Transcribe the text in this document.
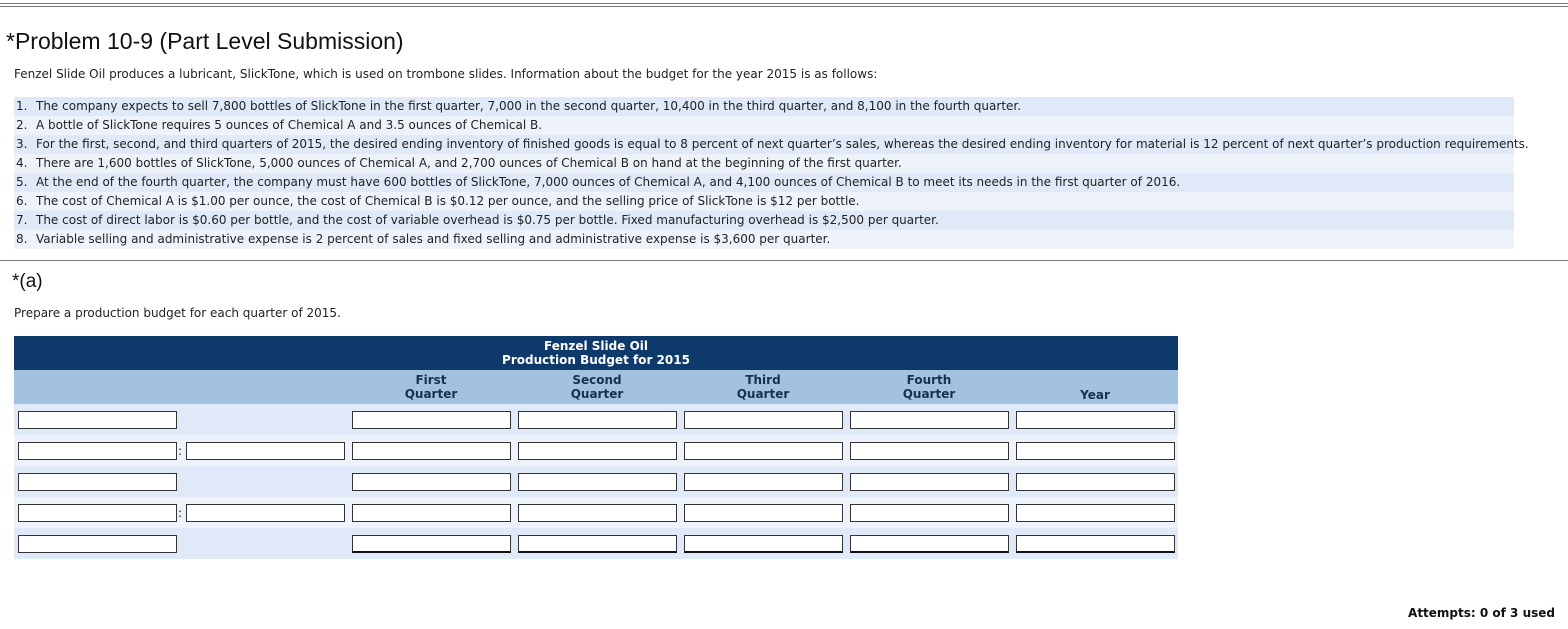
*Problem 10-9 (Part Level Submission)
Fenzel Slide Oil produces a lubricant, SlickTone, which is used on trombone slides. Information about the budget for the year 2015 is as follows:
1. The company expects to sell 7,800 bottles of SlickTone in the first quarter, 7,000 in the second quarter, 10,400 in the third quarter, and 8,100 in the fourth quarter.
2. A bottle of SlickTone requires 5 ounces of Chemical A and 3.5 ounces of Chemical B.
3. For the first, second, and third quarters of 2015, the desired ending inventory of finished goods is equal to 8 percent of next quarter’s sales, whereas the desired ending inventory for material is 12 percent of next quarter’s production requirements.
4. There are 1,600 bottles of SlickTone, 5,000 ounces of Chemical A, and 2,700 ounces of Chemical B on hand at the beginning of the first quarter.
5. At the end of the fourth quarter, the company must have 600 bottles of SlickTone, 7,000 ounces of Chemical A, and 4,100 ounces of Chemical B to meet its needs in the first quarter of 2016.
6. The cost of Chemical A is $1.00 per ounce, the cost of Chemical B is $0.12 per ounce, and the selling price of SlickTone is $12 per bottle.
7. The cost of direct labor is $0.60 per bottle, and the cost of variable overhead is $0.75 per bottle. Fixed manufacturing overhead is $2,500 per quarter.
8. Variable selling and administrative expense is 2 percent of sales and fixed selling and administrative expense is $3,600 per quarter.
*(a)
Prepare a production budget for each quarter of 2015.
Fenzel Slide Oil
Production Budget for 2015
First
Quarter
Second
Quarter
Third
Quarter
Fourth
Quarter	Year
:
:
Attempts: 0 of 3 used
